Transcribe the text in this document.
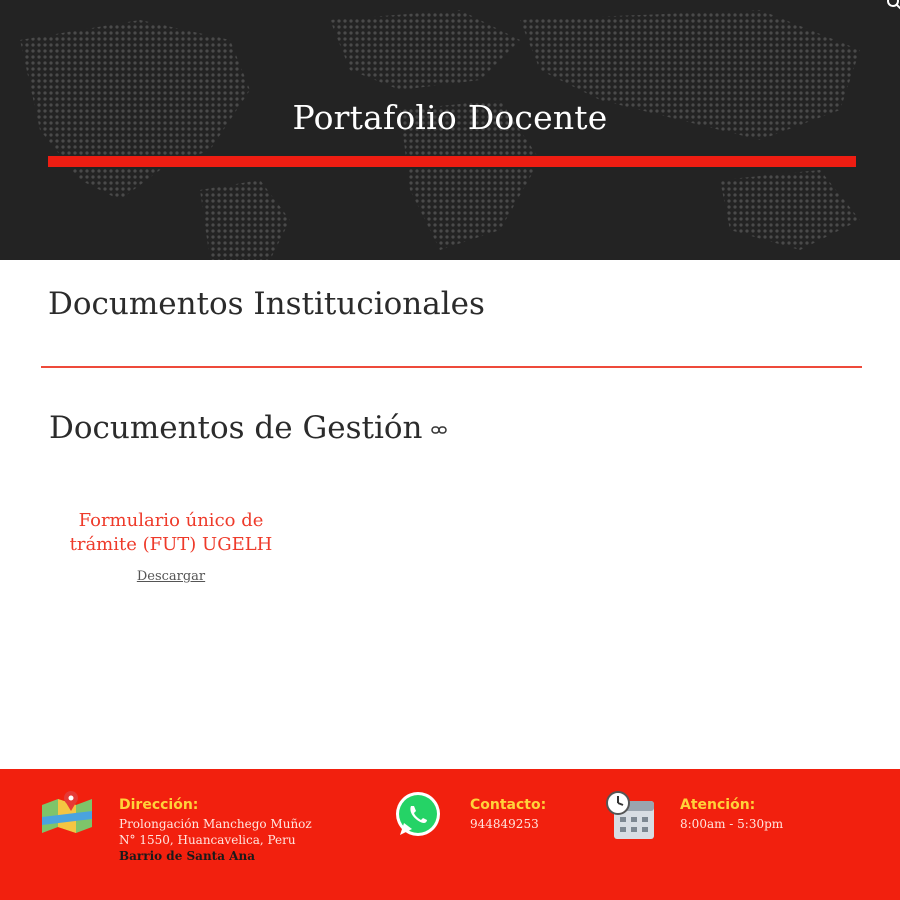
Portafolio Docente
Documentos Institucionales
Documentos de Gestión
Formulario único de
trámite (FUT) UGELH
Descargar
Dirección:
Prolongación Manchego Muñoz
N° 1550, Huancavelica, Peru
Barrio de Santa Ana
Contacto:
944849253
Atención:
8:00am - 5:30pm
